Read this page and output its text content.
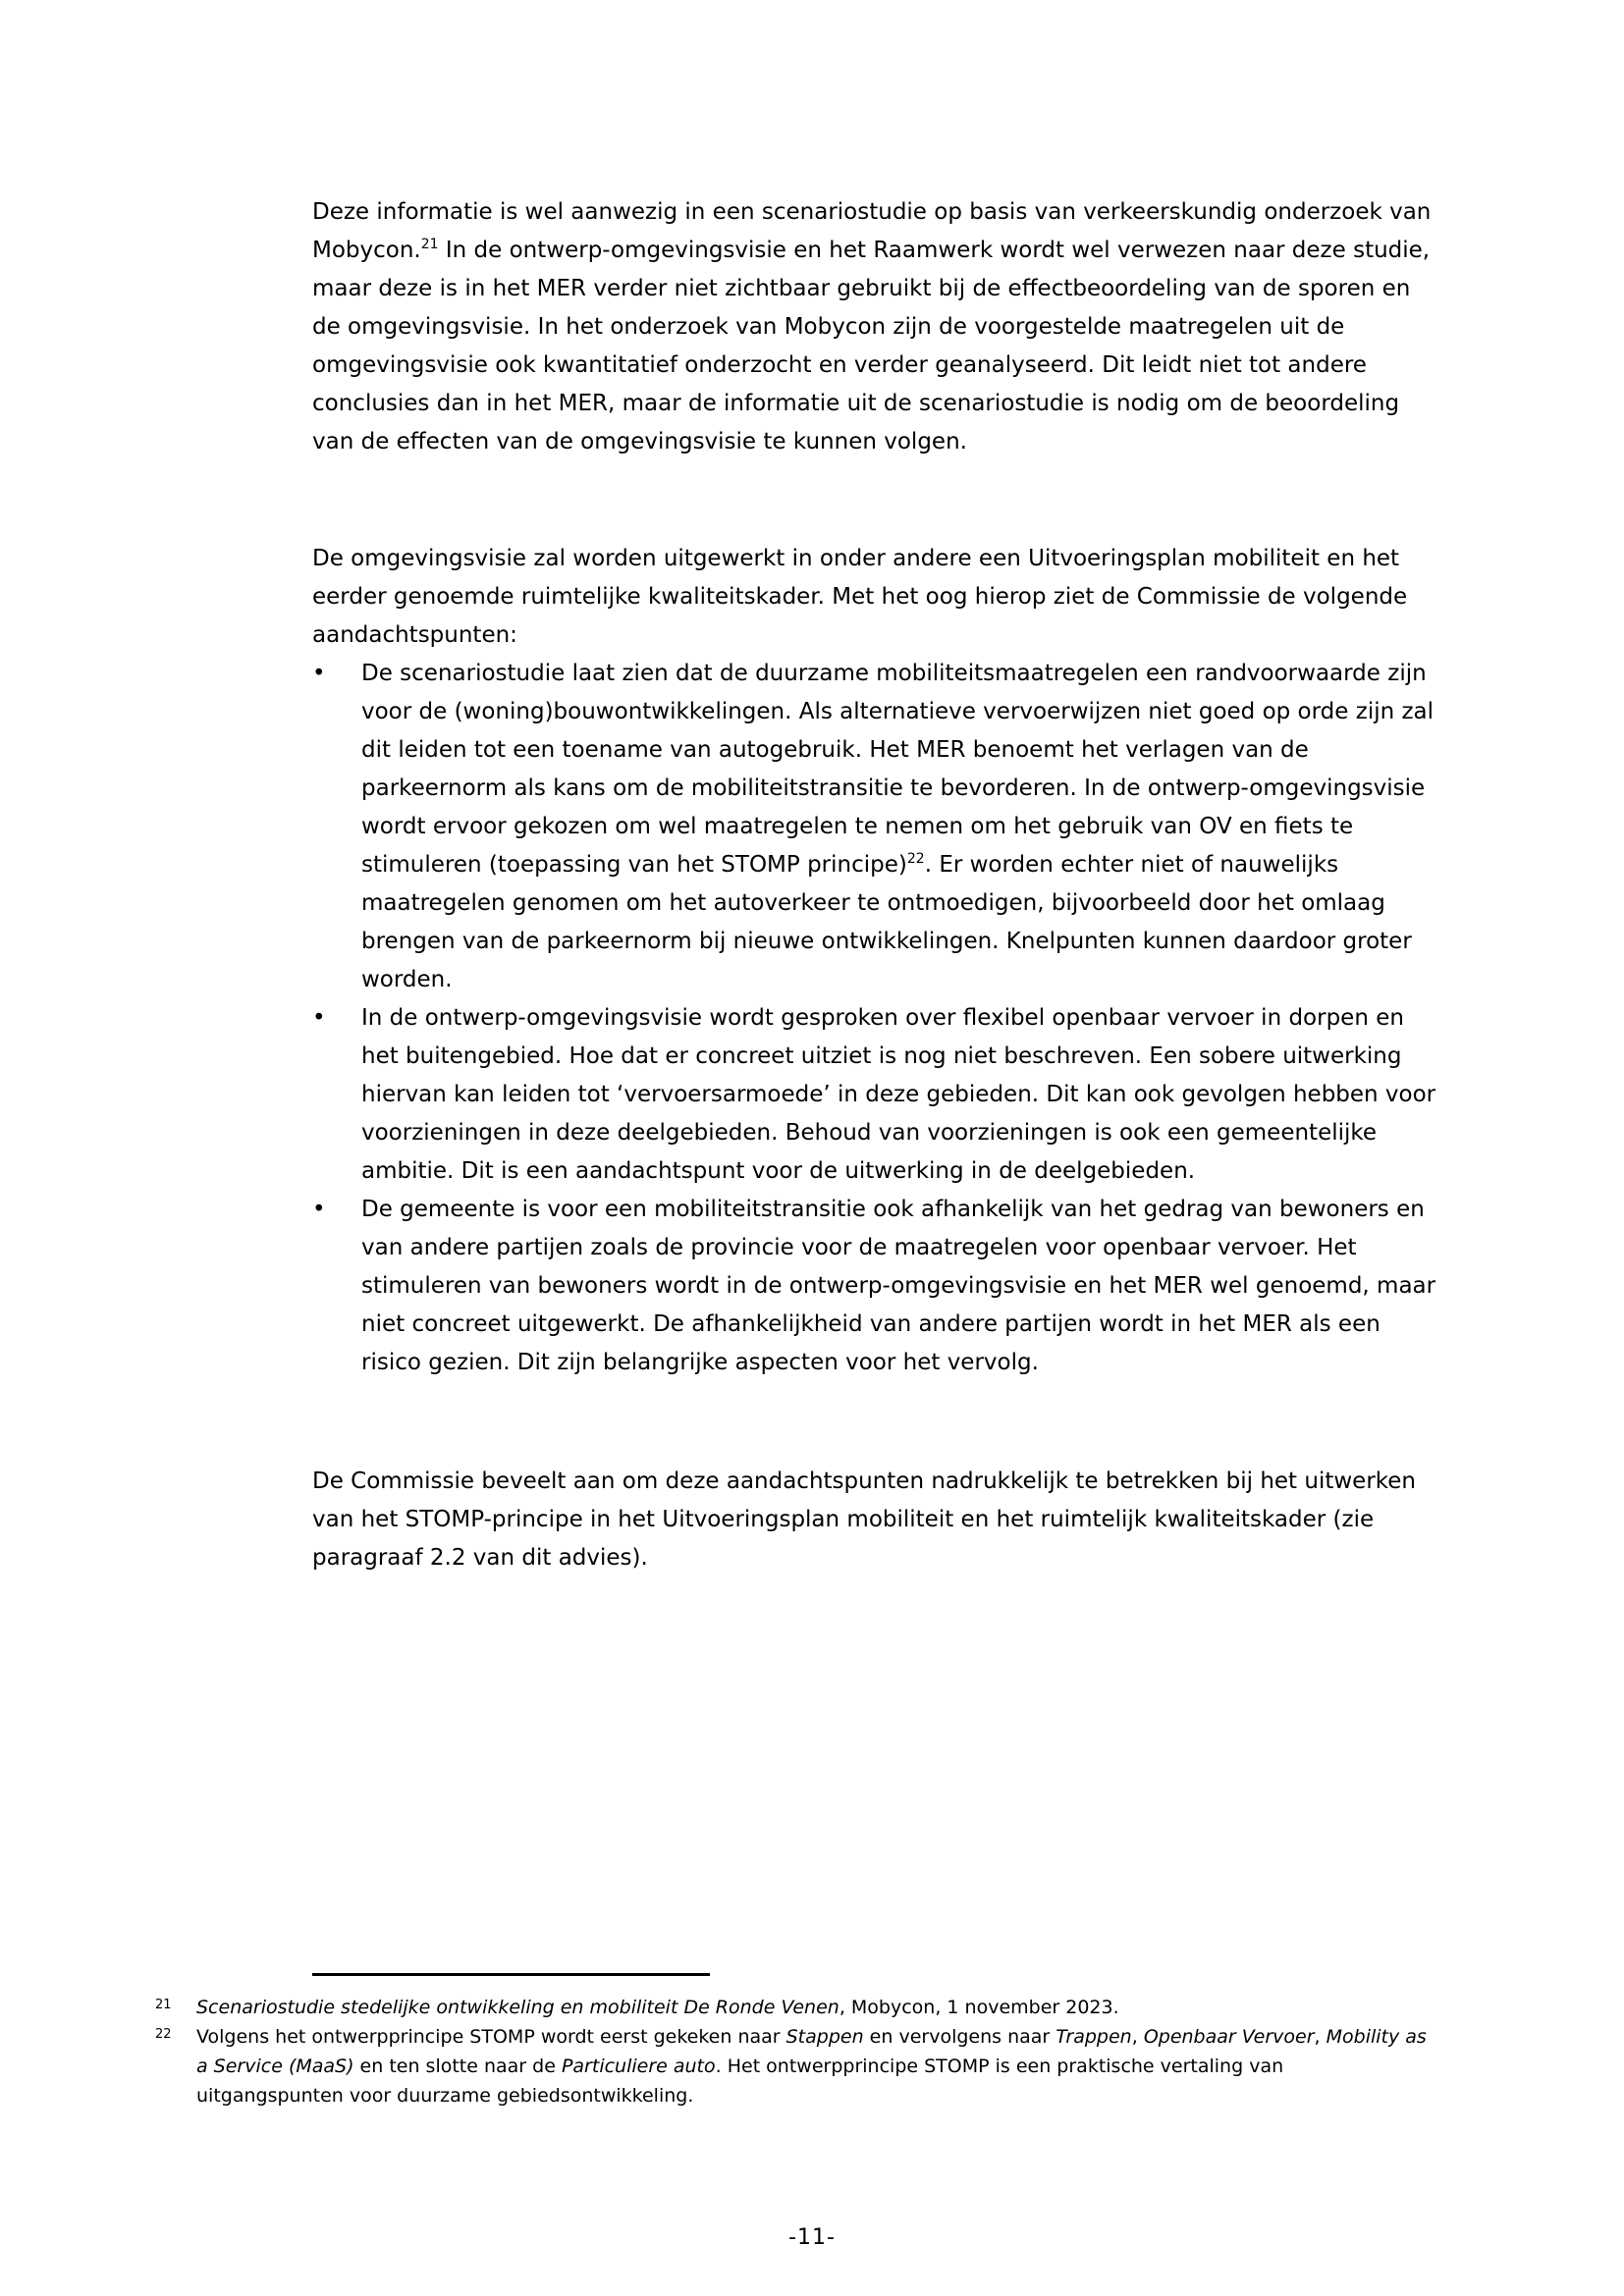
Deze informatie is wel aanwezig in een scenariostudie op basis van verkeerskundig onderzoek van Mobycon.$^{21}$ In de ontwerp-omgevingsvisie en het Raamwerk wordt wel verwezen naar deze studie, maar deze is in het MER verder niet zichtbaar gebruikt bij de effectbeoordeling van de sporen en de omgevingsvisie. In het onderzoek van Mobycon zijn de voorgestelde maatregelen uit de omgevingsvisie ook kwantitatief onderzocht en verder geanalyseerd. Dit leidt niet tot andere conclusies dan in het MER, maar de informatie uit de scenariostudie is nodig om de beoordeling van de effecten van de omgevingsvisie te kunnen volgen.

De omgevingsvisie zal worden uitgewerkt in onder andere een Uitvoeringsplan mobiliteit en het eerder genoemde ruimtelijke kwaliteitskader. Met het oog hierop ziet de Commissie de volgende aandachtspunten:

• De scenariostudie laat zien dat de duurzame mobiliteitsmaatregelen een randvoorwaarde zijn voor de (woning)bouwontwikkelingen. Als alternatieve vervoerwijzen niet goed op orde zijn zal dit leiden tot een toename van autogebruik. Het MER benoemt het verlagen van de parkeernorm als kans om de mobiliteitstransitie te bevorderen. In de ontwerp-omgevingsvisie wordt ervoor gekozen om wel maatregelen te nemen om het gebruik van OV en fiets te stimuleren (toepassing van het STOMP principe)$^{22}$. Er worden echter niet of nauwelijks maatregelen genomen om het autoverkeer te ontmoedigen, bijvoorbeeld door het omlaag brengen van de parkeernorm bij nieuwe ontwikkelingen. Knelpunten kunnen daardoor groter worden.
• In de ontwerp-omgevingsvisie wordt gesproken over flexibel openbaar vervoer in dorpen en het buitengebied. Hoe dat er concreet uitziet is nog niet beschreven. Een sobere uitwerking hiervan kan leiden tot ‘vervoersarmoede’ in deze gebieden. Dit kan ook gevolgen hebben voor voorzieningen in deze deelgebieden. Behoud van voorzieningen is ook een gemeentelijke ambitie. Dit is een aandachtspunt voor de uitwerking in de deelgebieden.
• De gemeente is voor een mobiliteitstransitie ook afhankelijk van het gedrag van bewoners en van andere partijen zoals de provincie voor de maatregelen voor openbaar vervoer. Het stimuleren van bewoners wordt in de ontwerp-omgevingsvisie en het MER wel genoemd, maar niet concreet uitgewerkt. De afhankelijkheid van andere partijen wordt in het MER als een risico gezien. Dit zijn belangrijke aspecten voor het vervolg.

De Commissie beveelt aan om deze aandachtspunten nadrukkelijk te betrekken bij het uitwerken van het STOMP-principe in het Uitvoeringsplan mobiliteit en het ruimtelijk kwaliteitskader (zie paragraaf 2.2 van dit advies).

21 Scenariostudie stedelijke ontwikkeling en mobiliteit De Ronde Venen, Mobycon, 1 november 2023.
22 Volgens het ontwerpprincipe STOMP wordt eerst gekeken naar Stappen en vervolgens naar Trappen, Openbaar Vervoer, Mobility as a Service (MaaS) en ten slotte naar de Particuliere auto. Het ontwerpprincipe STOMP is een praktische vertaling van uitgangspunten voor duurzame gebiedsontwikkeling.
-11-
